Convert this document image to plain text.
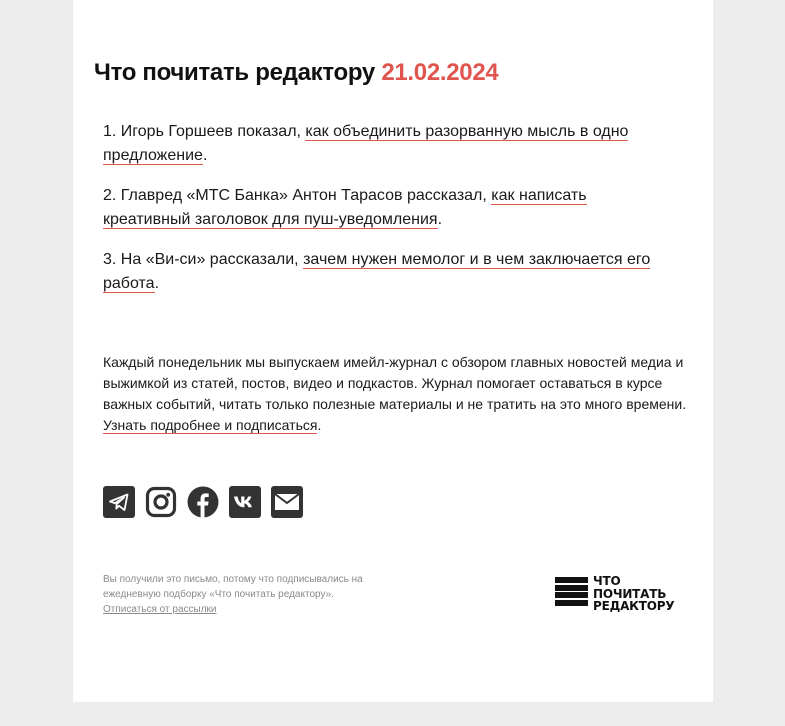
Что почитать редактору 21.02.2024

1. Игорь Горшеев показал, как объединить разорванную мысль в одно предложение.

2. Главред «МТС Банка» Антон Тарасов рассказал, как написать креативный заголовок для пуш-уведомления.

3. На «Ви-си» рассказали, зачем нужен мемолог и в чем заключается его работа.

Каждый понедельник мы выпускаем имейл-журнал с обзором главных новостей медиа и выжимкой из статей, постов, видео и подкастов. Журнал помогает оставаться в курсе важных событий, читать только полезные материалы и не тратить на это много времени. Узнать подробнее и подписаться.

Вы получили это письмо, потому что подписывались на ежедневную подборку «Что почитать редактору».
Отписаться от рассылки

ЧТО
ПОЧИТАТЬ
РЕДАКТОРУ
